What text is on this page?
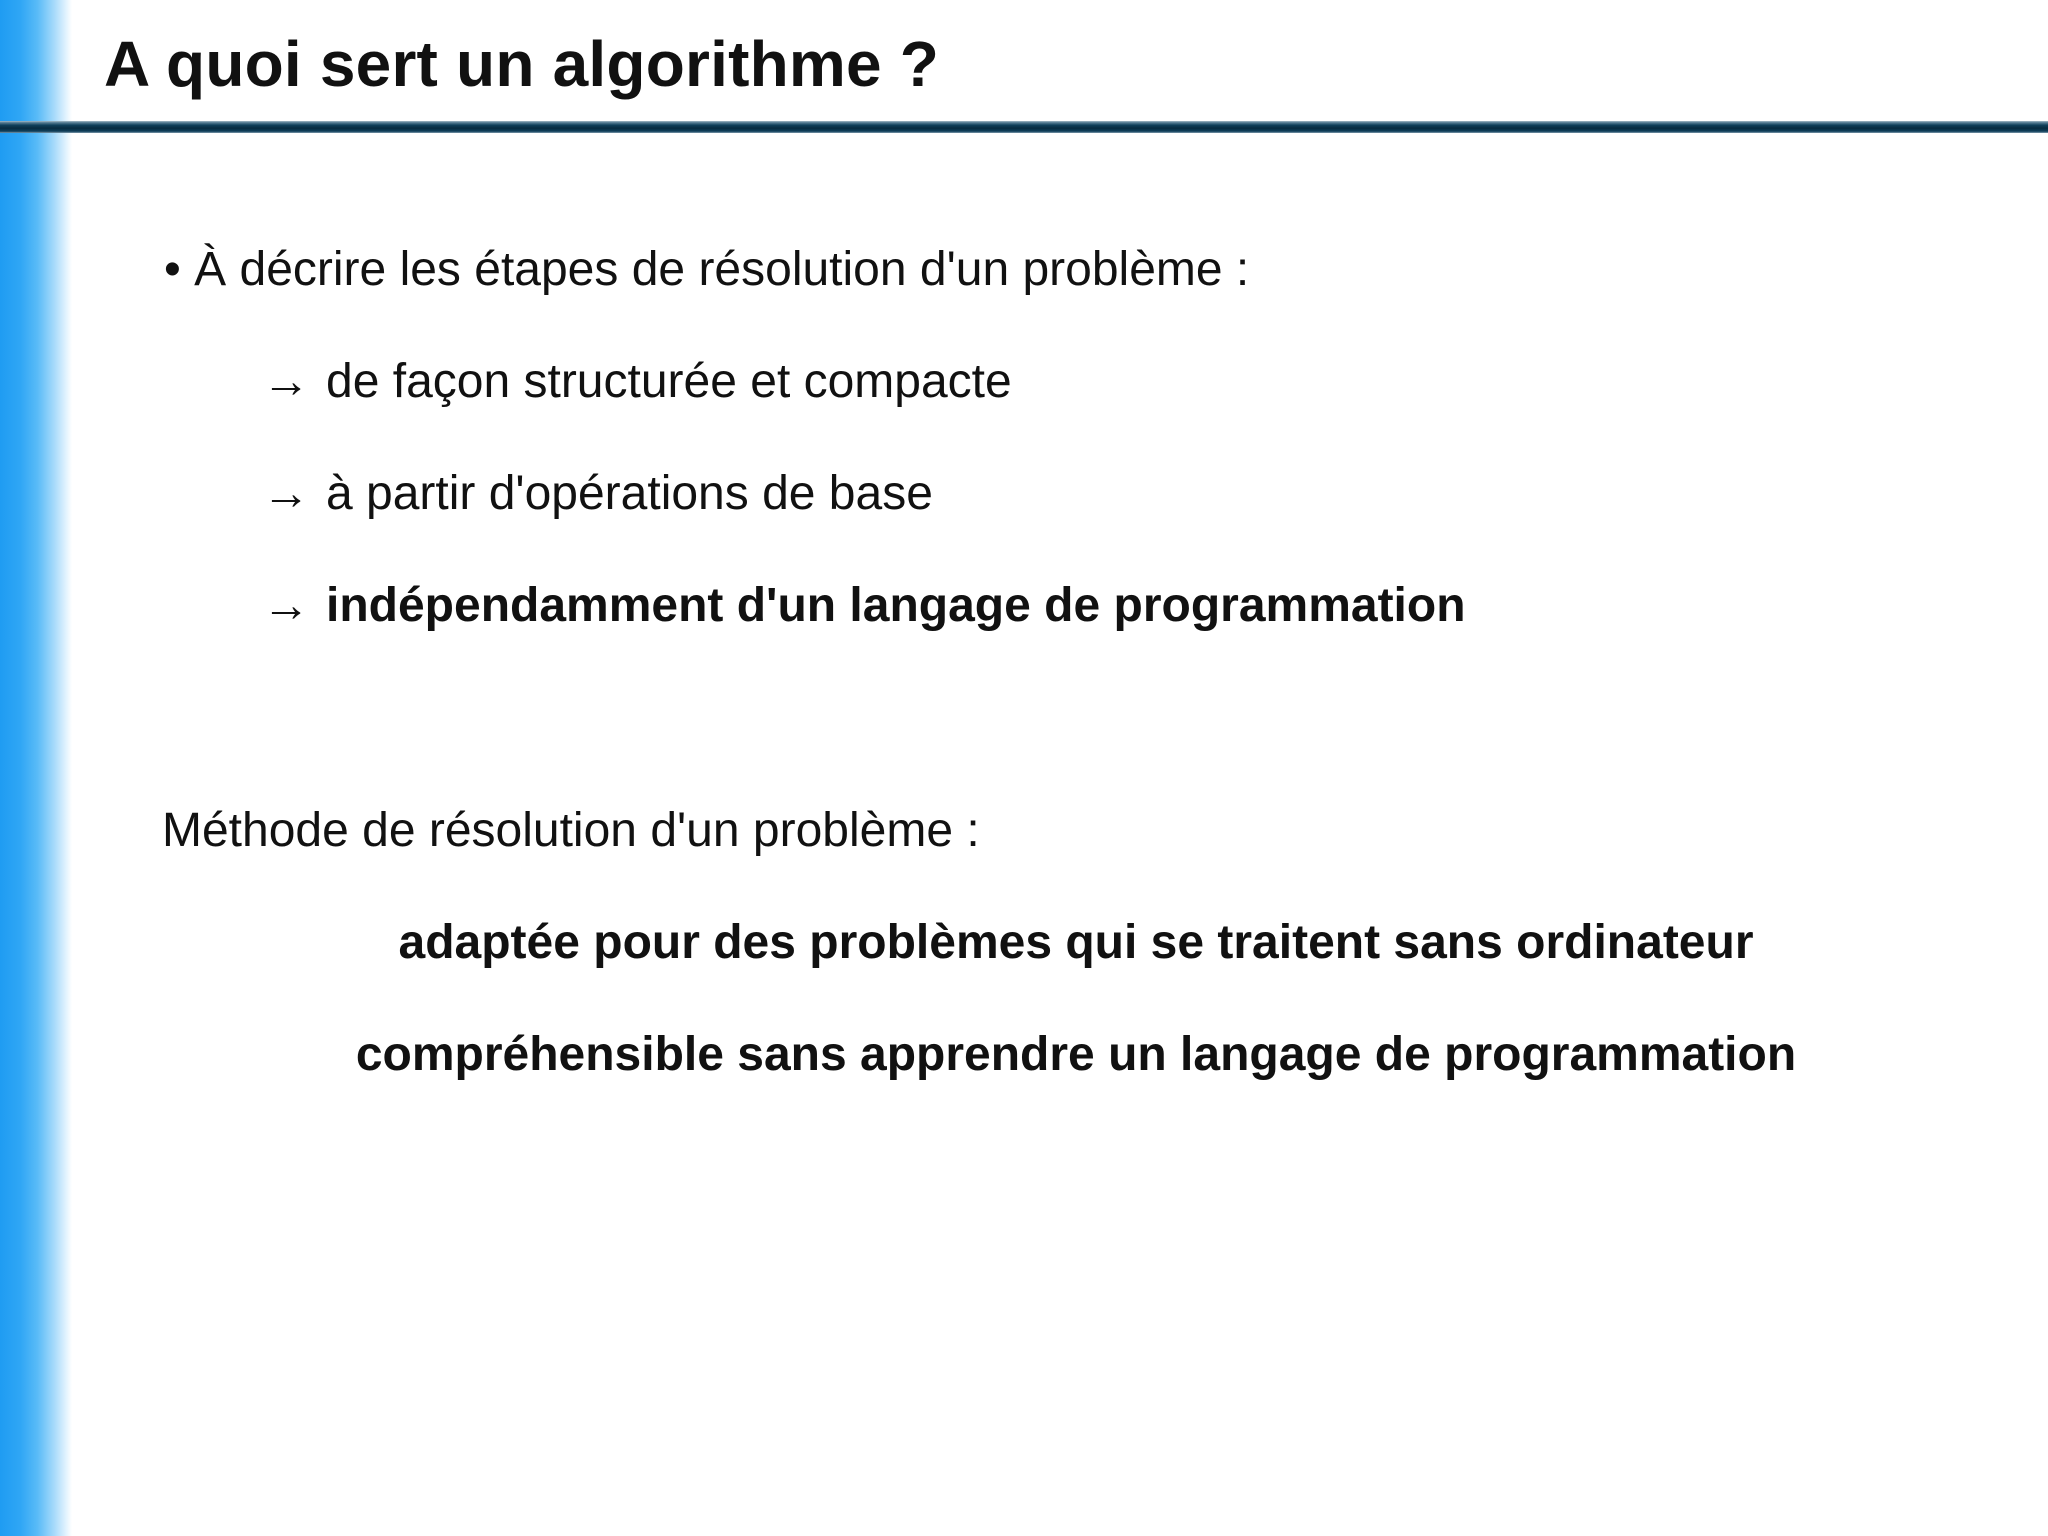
A quoi sert un algorithme ?
• À décrire les étapes de résolution d'un problème :
→ de façon structurée et compacte
→ à partir d'opérations de base
→ indépendamment d'un langage de programmation
Méthode de résolution d'un problème :
adaptée pour des problèmes qui se traitent sans ordinateur
compréhensible sans apprendre un langage de programmation
